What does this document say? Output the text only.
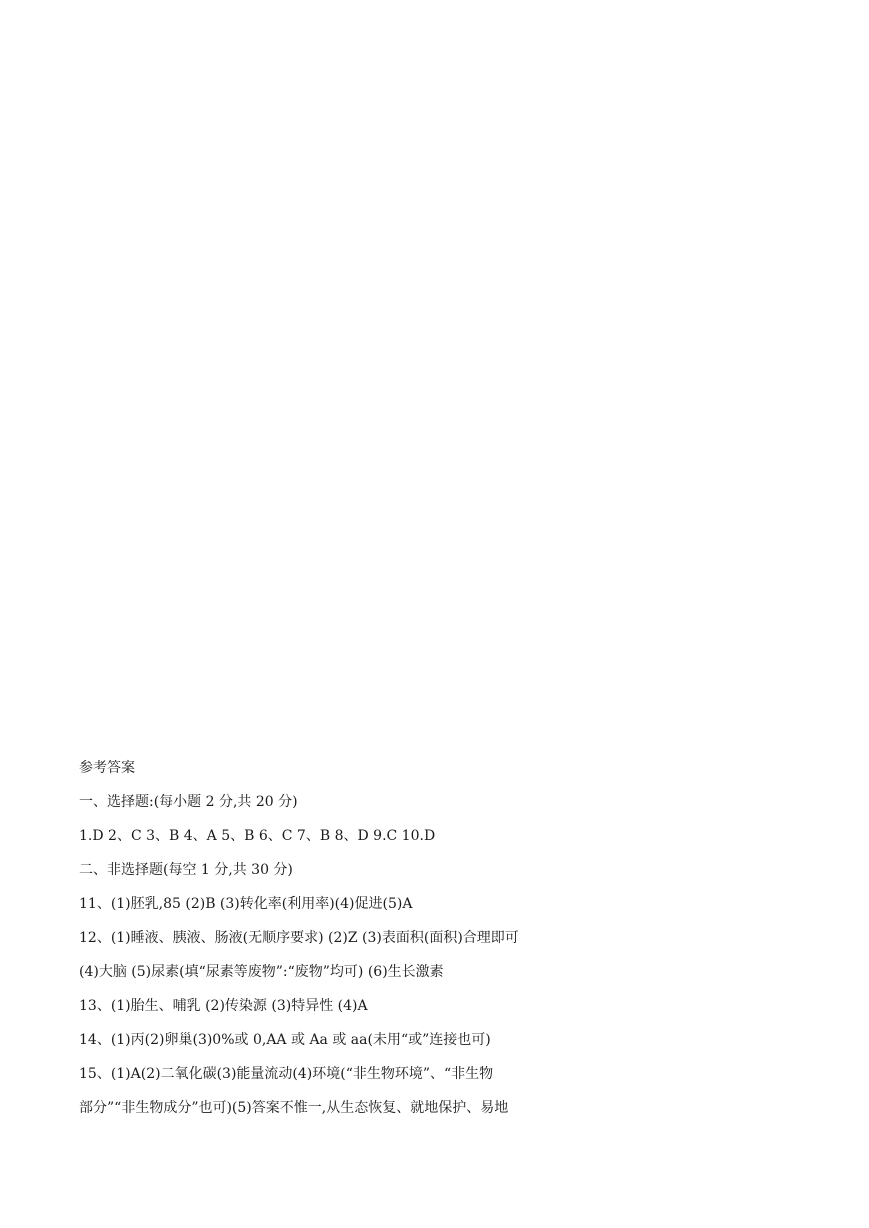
参考答案
一、选择题:(每小题 2 分,共 20 分)
1.D 2、C 3、B 4、A 5、B 6、C 7、B 8、D 9.C 10.D
二、非选择题(每空 1 分,共 30 分)
11、(1)胚乳,85 (2)B (3)转化率(利用率)(4)促进(5)A
12、(1)睡液、胰液、肠液(无顺序要求) (2)Z (3)表面积(面积)合理即可
(4)大脑 (5)尿素(填“尿素等废物”:“废物”均可) (6)生长激素
13、(1)胎生、哺乳 (2)传染源 (3)特异性 (4)A
14、(1)丙(2)卵巢(3)0%或 0,AA 或 Aa 或 aa(未用“或”连接也可)
15、(1)A(2)二氧化碳(3)能量流动(4)环境(“非生物环境”、“非生物
部分”“非生物成分”也可)(5)答案不惟一,从生态恢复、就地保护、易地
